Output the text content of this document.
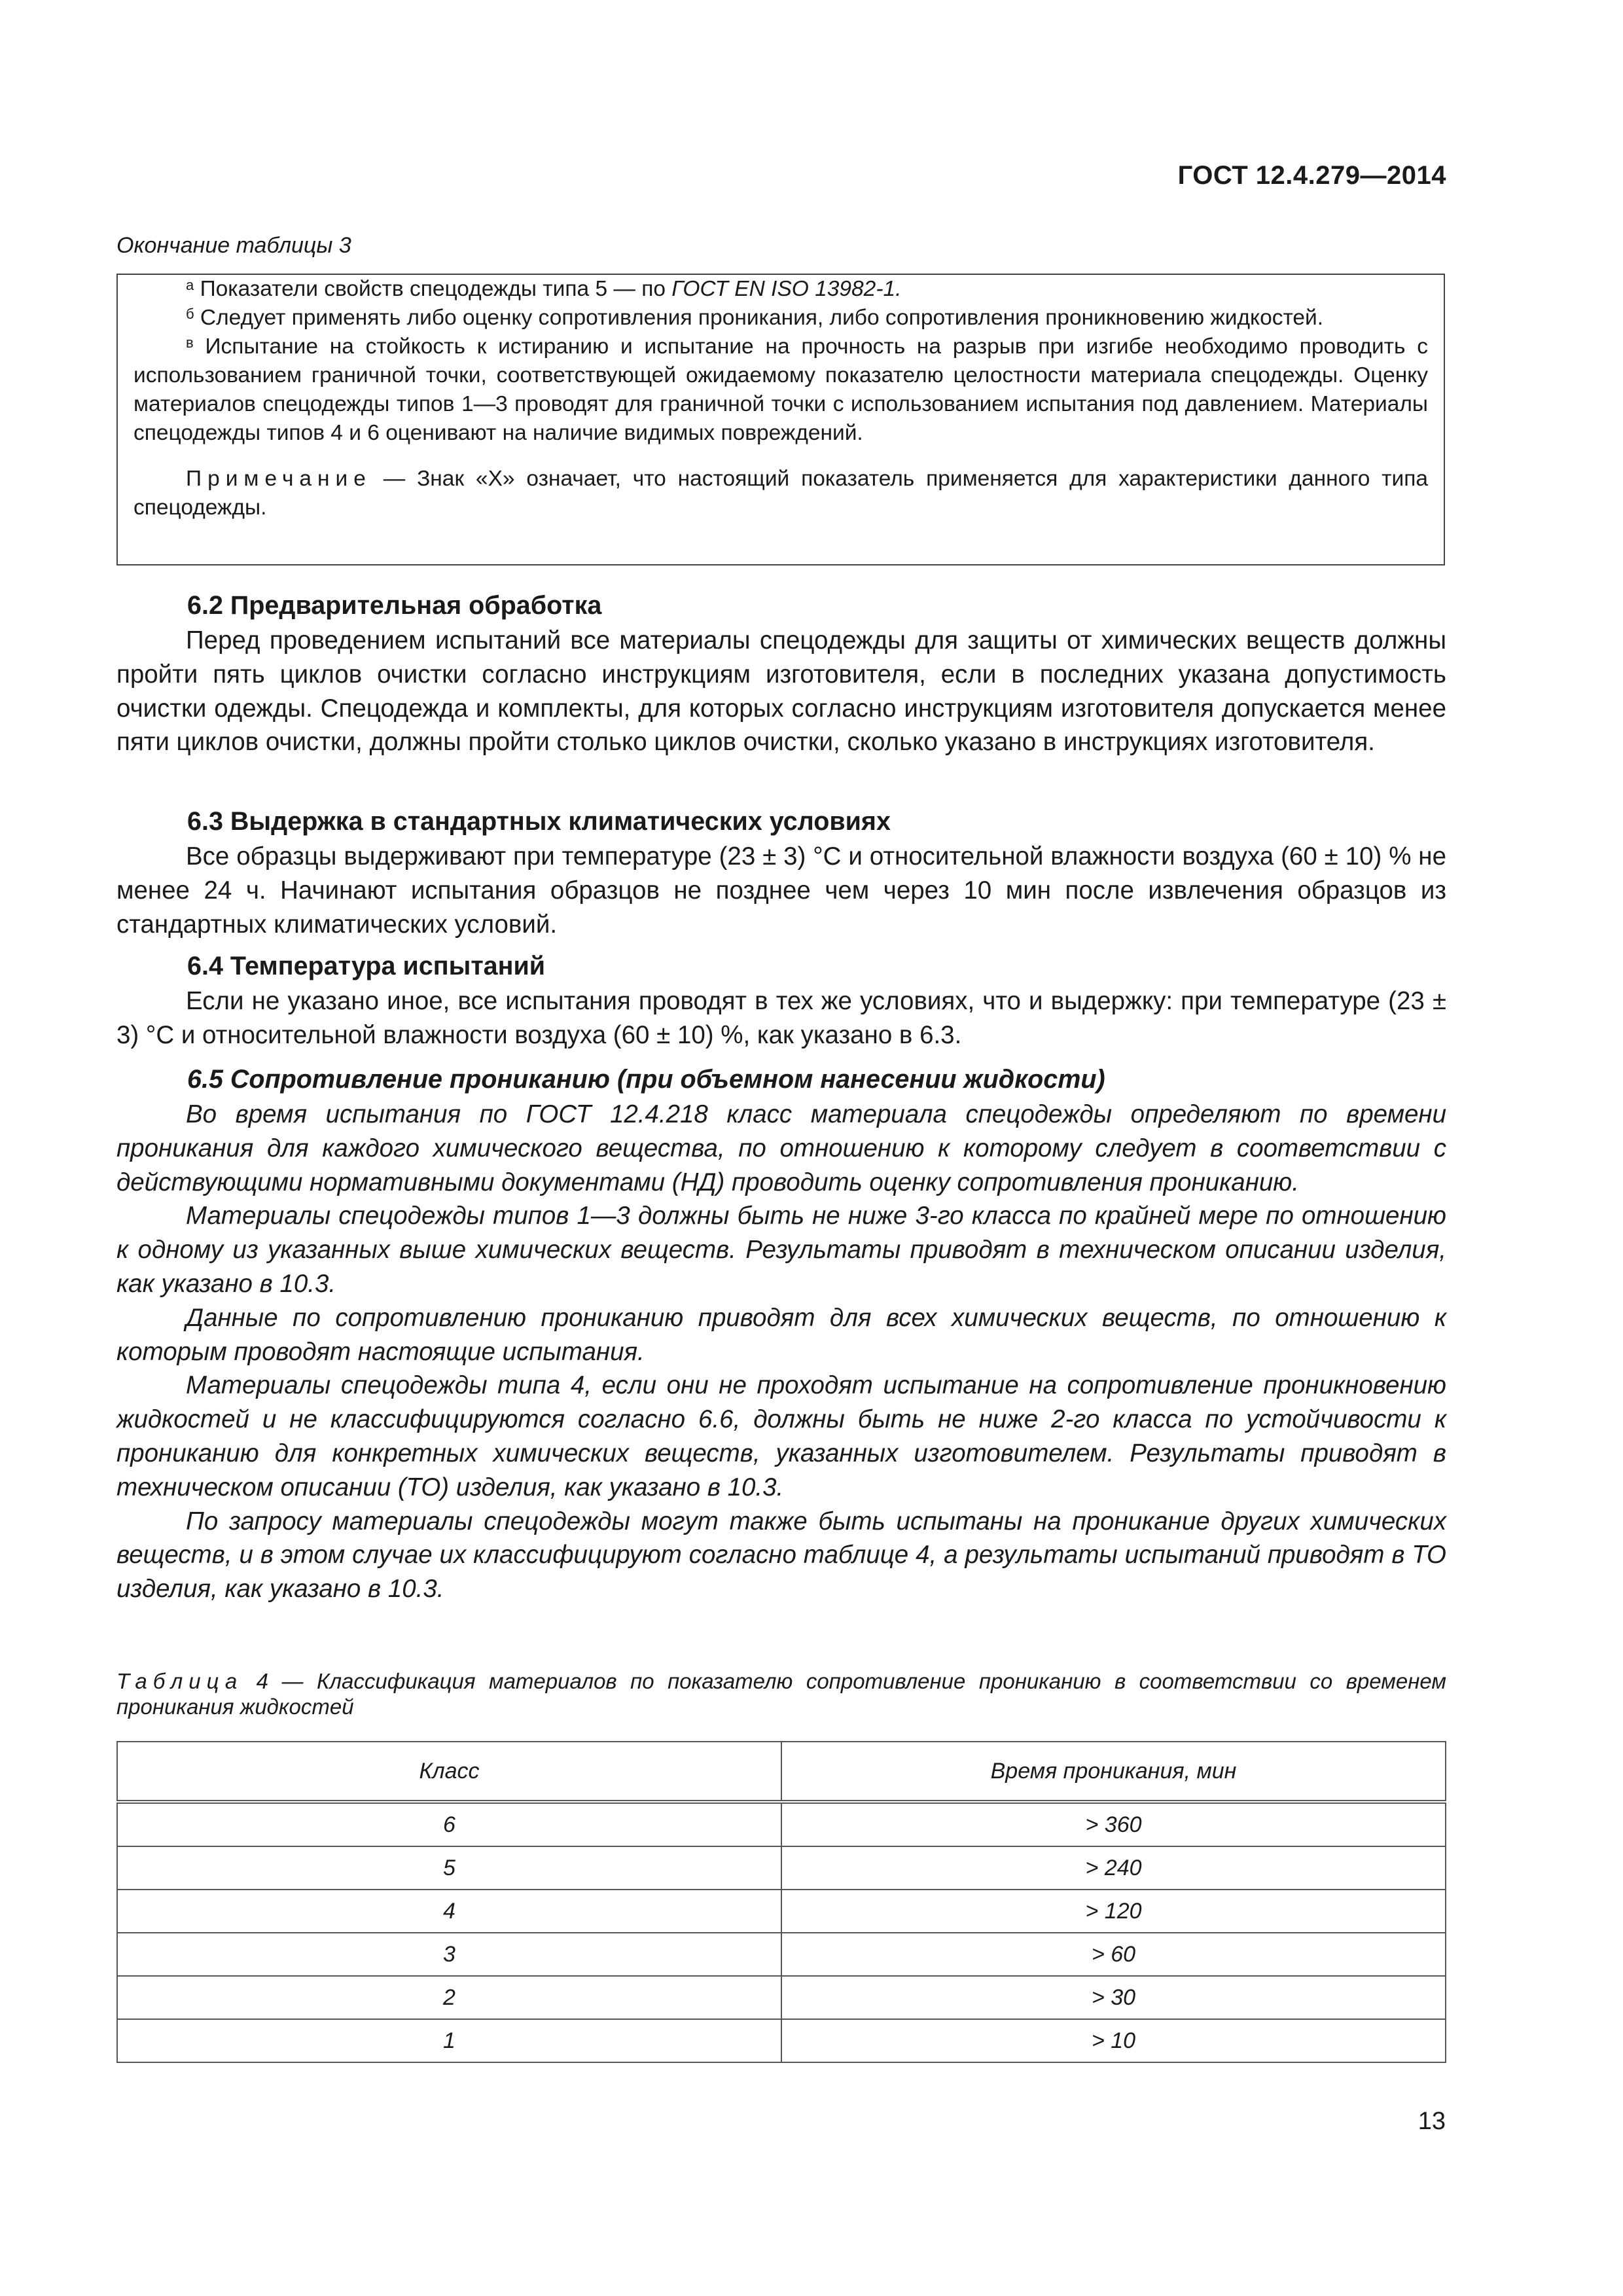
ГОСТ 12.4.279—2014
Окончание таблицы 3

$^а$ Показатели свойств спецодежды типа 5 — по ГОСТ EN ISO 13982-1.

$^б$ Следует применять либо оценку сопротивления проникания, либо сопротивления проникновению жидкостей.

$^в$ Испытание на стойкость к истиранию и испытание на прочность на разрыв при изгибе необходимо проводить с использованием граничной точки, соответствующей ожидаемому показателю целостности материала спецодежды. Оценку материалов спецодежды типов 1—3 проводят для граничной точки с использованием испытания под давлением. Материалы спецодежды типов 4 и 6 оценивают на наличие видимых повреждений.

Примечание — Знак «X» означает, что настоящий показатель применяется для характеристики данного типа спецодежды.

6.2 Предварительная обработка

Перед проведением испытаний все материалы спецодежды для защиты от химических веществ должны пройти пять циклов очистки согласно инструкциям изготовителя, если в последних указана допустимость очистки одежды. Спецодежда и комплекты, для которых согласно инструкциям изготовителя допускается менее пяти циклов очистки, должны пройти столько циклов очистки, сколько указано в инструкциях изготовителя.

6.3 Выдержка в стандартных климатических условиях

Все образцы выдерживают при температуре (23 ± 3) °С и относительной влажности воздуха (60 ± 10) % не менее 24 ч. Начинают испытания образцов не позднее чем через 10 мин после извлечения образцов из стандартных климатических условий.

6.4 Температура испытаний

Если не указано иное, все испытания проводят в тех же условиях, что и выдержку: при температуре (23 ± 3) °С и относительной влажности воздуха (60 ± 10) %, как указано в 6.3.

6.5 Сопротивление проникан​ию (при объемном нанесении жидкости)

Во время испытания по ГОСТ 12.4.218 класс материала спецодежды определяют по времени проникания для каждого химического вещества, по отношению к которому следует в соответствии с действующими нормативными документами (НД) проводить оценку сопротивления проникан​ию.

Материалы спецодежды типов 1—3 должны быть не ниже 3-го класса по крайней мере по отношению к одному из указанных выше химических веществ. Результаты приводят в техническом описании изделия, как указано в 10.3.

Данные по сопротивлению проникан​ию приводят для всех химических веществ, по отношению к которым проводят настоящие испытания.

Материалы спецодежды типа 4, если они не проходят испытание на сопротивление проникновению жидкостей и не классифицируются согласно 6.6, должны быть не ниже 2-го класса по устойчивости к проникан​ию для конкретных химических веществ, указанных изготовителем. Результаты приводят в техническом описании (ТО) изделия, как указано в 10.3.

По запросу материалы спецодежды могут также быть испытаны на проникание других химических веществ, и в этом случае их классифицируют согласно таблице 4, а результаты испытаний приводят в ТО изделия, как указано в 10.3.

Таблица 4 — Классификация материалов по показателю сопротивление проникан​ию в соответствии со временем проникания жидкостей
Класс	Время проникания, мин
6	> 360
5	> 240
4	> 120
3	> 60
2	> 30
1	> 10
13
